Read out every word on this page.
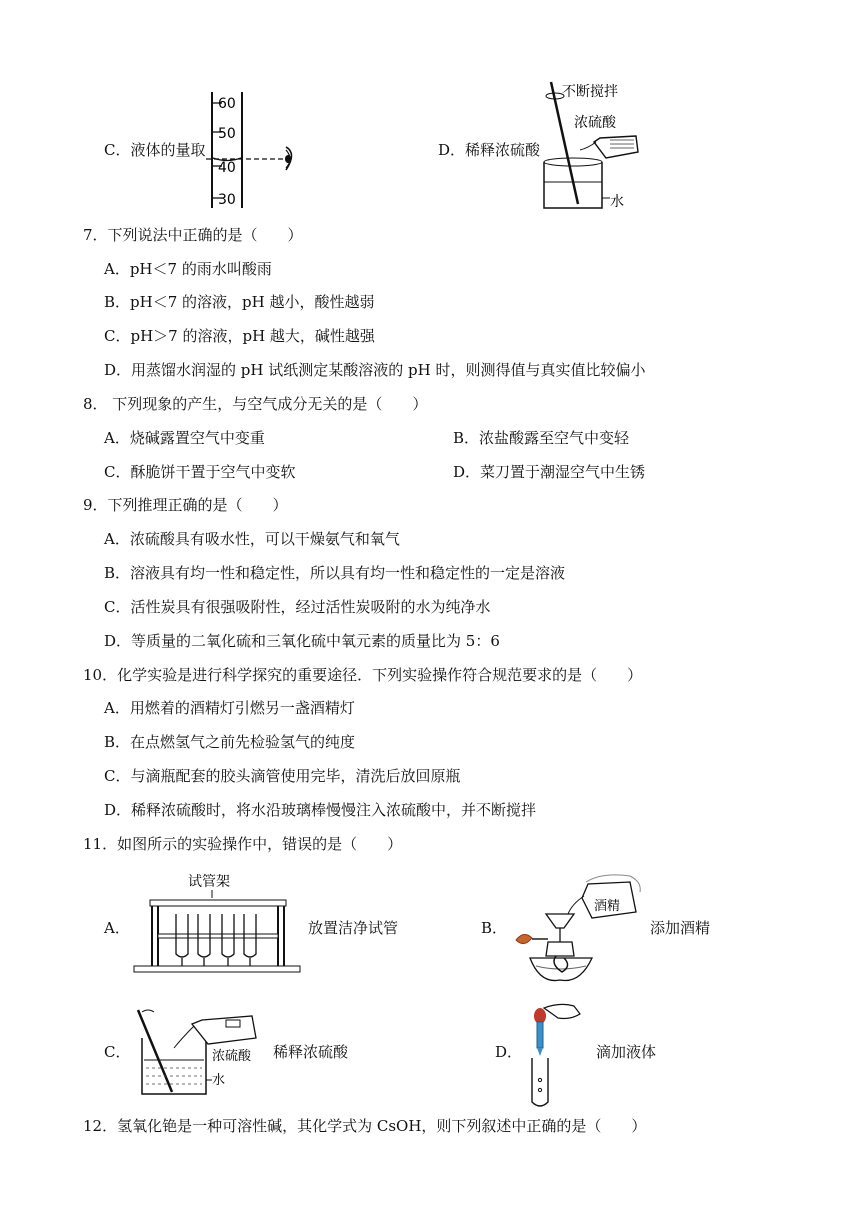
C．液体的量取
60
50
40
30
D．稀释浓硫酸
不断搅拌
浓硫酸
水
7．下列说法中正确的是（　　）
A．pH＜7 的雨水叫酸雨
B．pH＜7 的溶液，pH 越小，酸性越弱
C．pH＞7 的溶液，pH 越大，碱性越强
D．用蒸馏水润湿的 pH 试纸测定某酸溶液的 pH 时，则测得值与真实值比较偏小
8． 下列现象的产生，与空气成分无关的是（　　）
A．烧碱露置空气中变重	B．浓盐酸露至空气中变轻
C．酥脆饼干置于空气中变软	D．菜刀置于潮湿空气中生锈
9．下列推理正确的是（　　）
A．浓硫酸具有吸水性，可以干燥氨气和氧气
B．溶液具有均一性和稳定性，所以具有均一性和稳定性的一定是溶液
C．活性炭具有很强吸附性，经过活性炭吸附的水为纯净水
D．等质量的二氧化硫和三氧化硫中氧元素的质量比为 5：6
10．化学实验是进行科学探究的重要途径．下列实验操作符合规范要求的是（　　）
A．用燃着的酒精灯引燃另一盏酒精灯
B．在点燃氢气之前先检验氢气的纯度
C．与滴瓶配套的胶头滴管使用完毕，清洗后放回原瓶
D．稀释浓硫酸时，将水沿玻璃棒慢慢注入浓硫酸中，并不断搅拌
11．如图所示的实验操作中，错误的是（　　）
A．
试管架
放置洁净试管	B．
酒精
添加酒精
C．	浓硫酸
水
稀释浓硫酸	D．	滴加液体
12．氢氧化铯是一种可溶性碱，其化学式为 CsOH，则下列叙述中正确的是（　　）
